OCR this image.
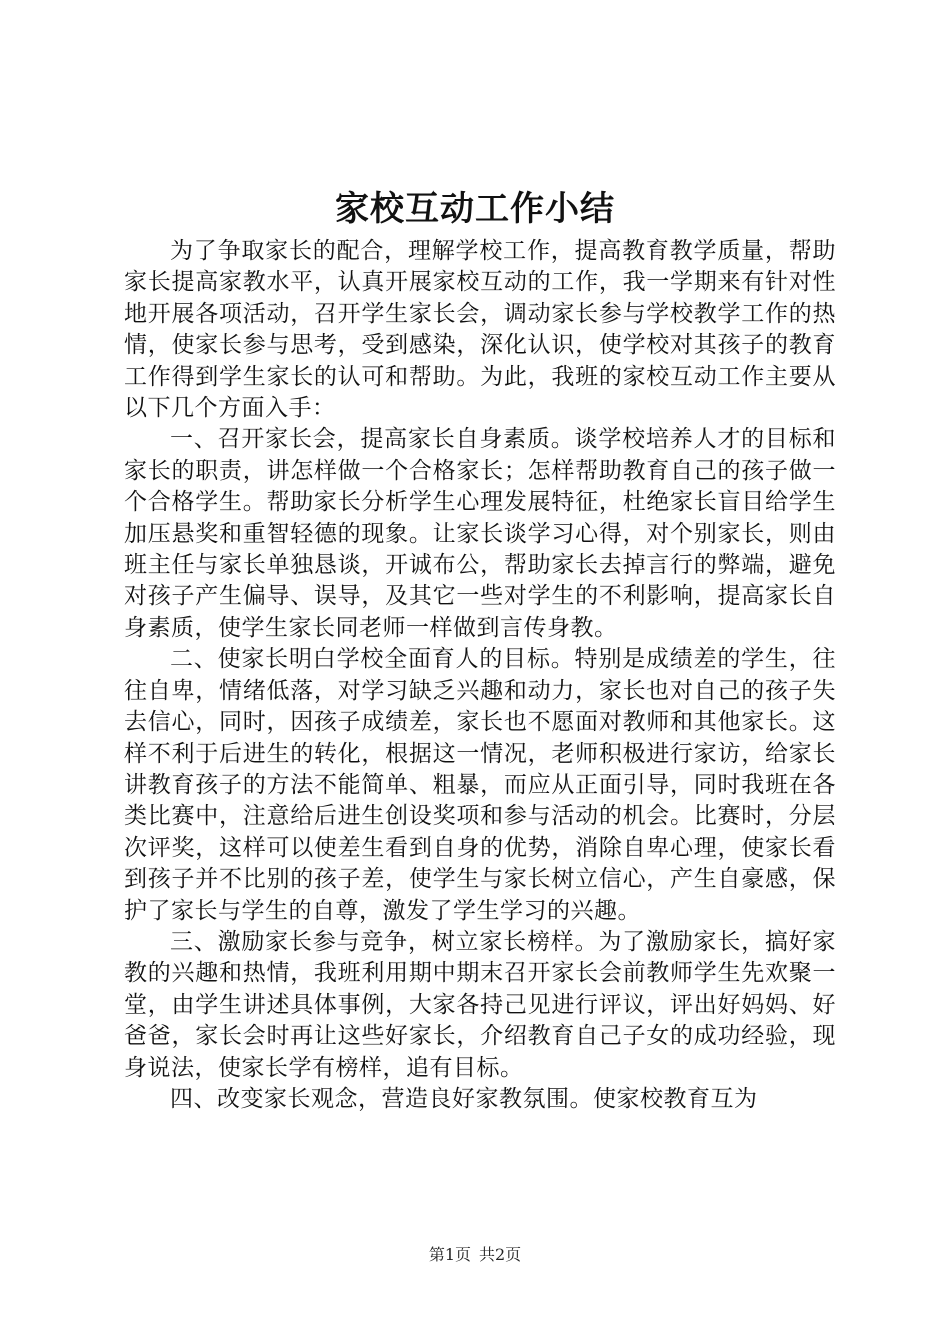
家校互动工作小结

为了争取家长的配合，理解学校工作，提高教育教学质量，帮助家长提高家教水平，认真开展家校互动的工作，我一学期来有针对性地开展各项活动，召开学生家长会，调动家长参与学校教学工作的热情，使家长参与思考，受到感染，深化认识，使学校对其孩子的教育工作得到学生家长的认可和帮助。为此，我班的家校互动工作主要从以下几个方面入手：

一、召开家长会，提高家长自身素质。谈学校培养人才的目标和家长的职责，讲怎样做一个合格家长；怎样帮助教育自己的孩子做一个合格学生。帮助家长分析学生心理发展特征，杜绝家长盲目给学生加压悬奖和重智轻德的现象。让家长谈学习心得，对个别家长，则由班主任与家长单独恳谈，开诚布公，帮助家长去掉言行的弊端，避免对孩子产生偏导、误导，及其它一些对学生的不利影响，提高家长自身素质，使学生家长同老师一样做到言传身教。

二、使家长明白学校全面育人的目标。特别是成绩差的学生，往往自卑，情绪低落，对学习缺乏兴趣和动力，家长也对自己的孩子失去信心，同时，因孩子成绩差，家长也不愿面对教师和其他家长。这样不利于后进生的转化，根据这一情况，老师积极进行家访，给家长讲教育孩子的方法不能简单、粗暴，而应从正面引导，同时我班在各类比赛中，注意给后进生创设奖项和参与活动的机会。比赛时，分层次评奖，这样可以使差生看到自身的优势，消除自卑心理，使家长看到孩子并不比别的孩子差，使学生与家长树立信心，产生自豪感，保护了家长与学生的自尊，激发了学生学习的兴趣。

三、激励家长参与竞争，树立家长榜样。为了激励家长，搞好家教的兴趣和热情，我班利用期中期末召开家长会前教师学生先欢聚一堂，由学生讲述具体事例，大家各持己见进行评议，评出好妈妈、好爸爸，家长会时再让这些好家长，介绍教育自己子女的成功经验，现身说法，使家长学有榜样，追有目标。

四、改变家长观念，营造良好家教氛围。使家校教育互为

第1页 共2页
